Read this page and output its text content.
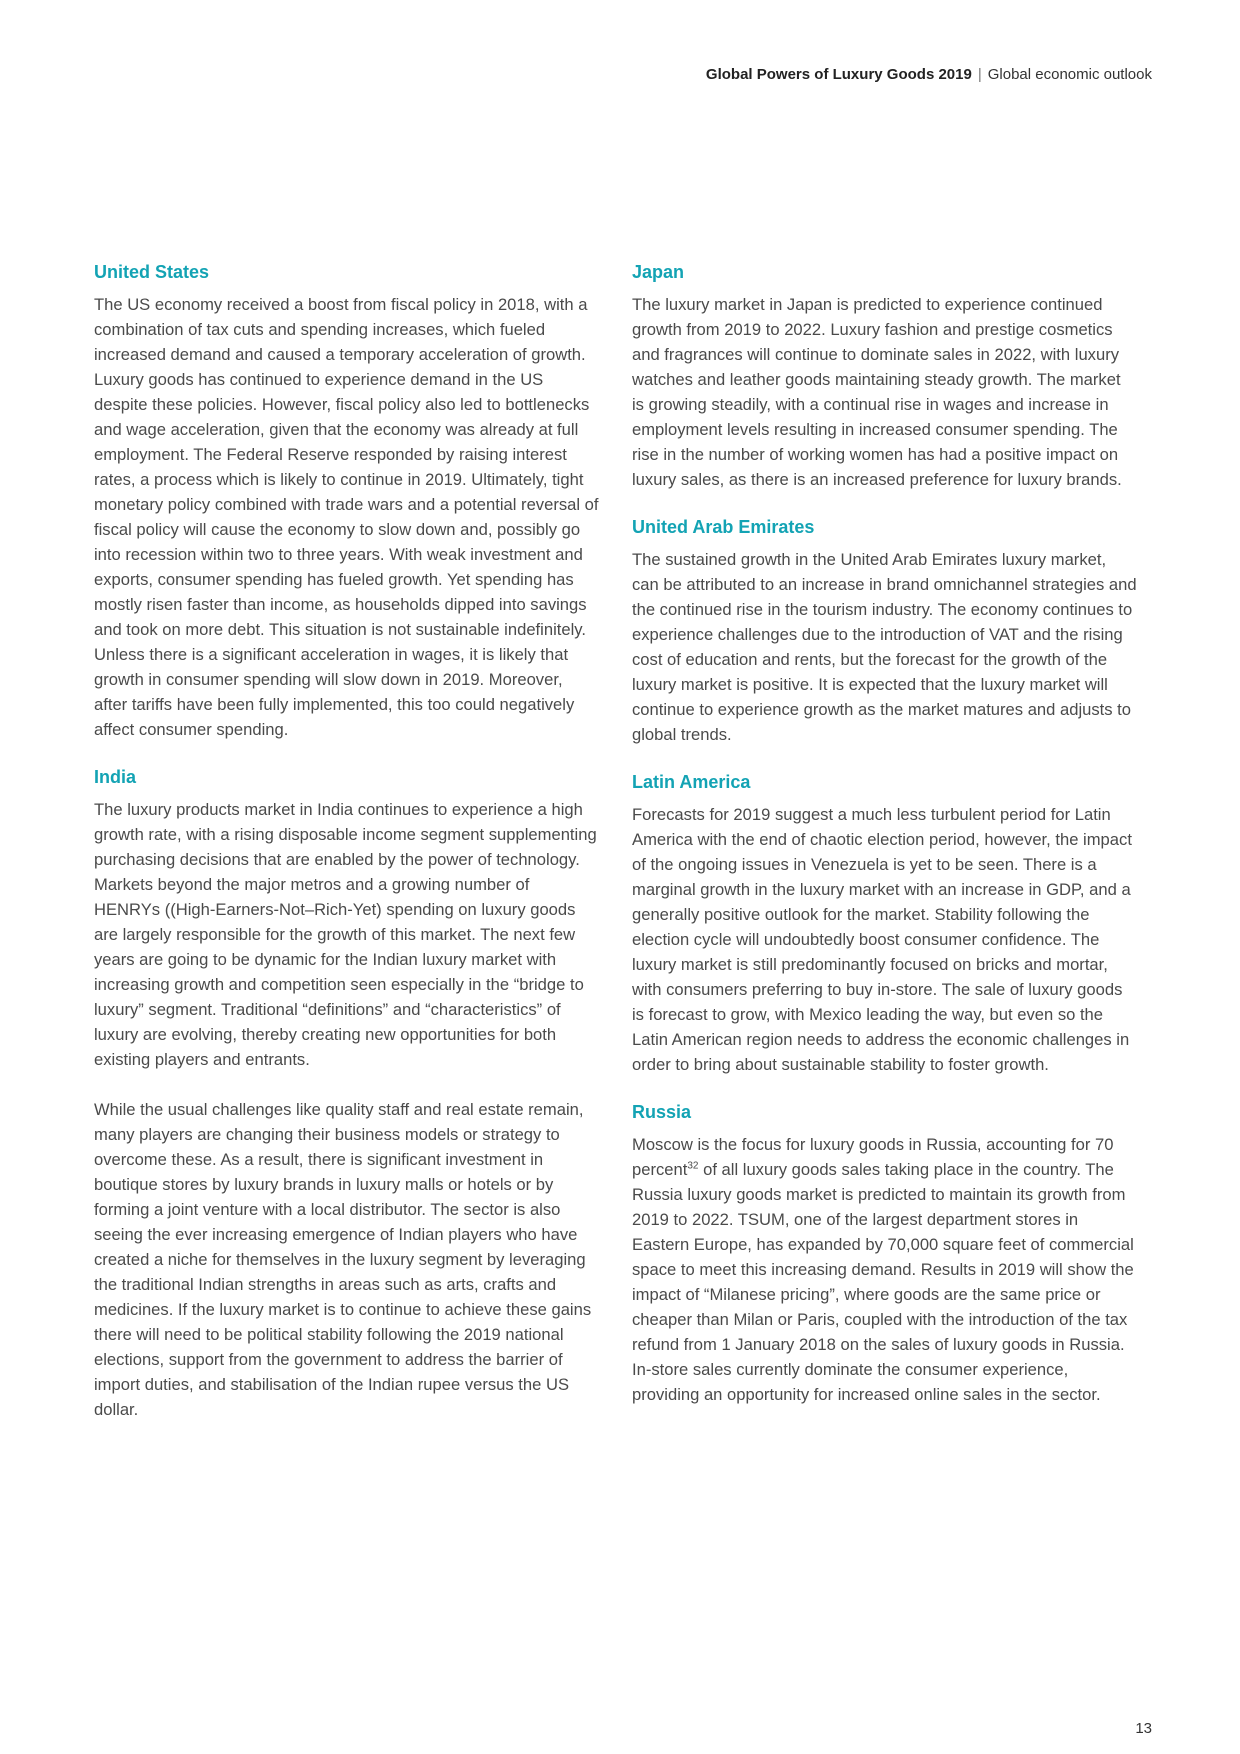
Global Powers of Luxury Goods 2019 | Global economic outlook
United States

The US economy received a boost from fiscal policy in 2018, with a combination of tax cuts and spending increases, which fueled increased demand and caused a temporary acceleration of growth. Luxury goods has continued to experience demand in the US despite these policies. However, fiscal policy also led to bottlenecks and wage acceleration, given that the economy was already at full employment. The Federal Reserve responded by raising interest rates, a process which is likely to continue in 2019. Ultimately, tight monetary policy combined with trade wars and a potential reversal of fiscal policy will cause the economy to slow down and, possibly go into recession within two to three years. With weak investment and exports, consumer spending has fueled growth. Yet spending has mostly risen faster than income, as households dipped into savings and took on more debt. This situation is not sustainable indefinitely. Unless there is a significant acceleration in wages, it is likely that growth in consumer spending will slow down in 2019. Moreover, after tariffs have been fully implemented, this too could negatively affect consumer spending.

India

The luxury products market in India continues to experience a high growth rate, with a rising disposable income segment supplementing purchasing decisions that are enabled by the power of technology. Markets beyond the major metros and a growing number of HENRYs ((High-Earners-Not–Rich-Yet) spending on luxury goods are largely responsible for the growth of this market. The next few years are going to be dynamic for the Indian luxury market with increasing growth and competition seen especially in the “bridge to luxury” segment. Traditional “definitions” and “characteristics” of luxury are evolving, thereby creating new opportunities for both existing players and entrants.

While the usual challenges like quality staff and real estate remain, many players are changing their business models or strategy to overcome these. As a result, there is significant investment in boutique stores by luxury brands in luxury malls or hotels or by forming a joint venture with a local distributor. The sector is also seeing the ever increasing emergence of Indian players who have created a niche for themselves in the luxury segment by leveraging the traditional Indian strengths in areas such as arts, crafts and medicines. If the luxury market is to continue to achieve these gains there will need to be political stability following the 2019 national elections, support from the government to address the barrier of import duties, and stabilisation of the Indian rupee versus the US dollar.

Japan

The luxury market in Japan is predicted to experience continued growth from 2019 to 2022. Luxury fashion and prestige cosmetics and fragrances will continue to dominate sales in 2022, with luxury watches and leather goods maintaining steady growth. The market is growing steadily, with a continual rise in wages and increase in employment levels resulting in increased consumer spending. The rise in the number of working women has had a positive impact on luxury sales, as there is an increased preference for luxury brands.

United Arab Emirates

The sustained growth in the United Arab Emirates luxury market, can be attributed to an increase in brand omnichannel strategies and the continued rise in the tourism industry. The economy continues to experience challenges due to the introduction of VAT and the rising cost of education and rents, but the forecast for the growth of the luxury market is positive. It is expected that the luxury market will continue to experience growth as the market matures and adjusts to global trends.

Latin America

Forecasts for 2019 suggest a much less turbulent period for Latin America with the end of chaotic election period, however, the impact of the ongoing issues in Venezuela is yet to be seen. There is a marginal growth in the luxury market with an increase in GDP, and a generally positive outlook for the market. Stability following the election cycle will undoubtedly boost consumer confidence. The luxury market is still predominantly focused on bricks and mortar, with consumers preferring to buy in-store. The sale of luxury goods is forecast to grow, with Mexico leading the way, but even so the Latin American region needs to address the economic challenges in order to bring about sustainable stability to foster growth.

Russia

Moscow is the focus for luxury goods in Russia, accounting for 70 percent$^{32}$ of all luxury goods sales taking place in the country. The Russia luxury goods market is predicted to maintain its growth from 2019 to 2022. TSUM, one of the largest department stores in Eastern Europe, has expanded by 70,000 square feet of commercial space to meet this increasing demand. Results in 2019 will show the impact of “Milanese pricing”, where goods are the same price or cheaper than Milan or Paris, coupled with the introduction of the tax refund from 1 January 2018 on the sales of luxury goods in Russia. In-store sales currently dominate the consumer experience, providing an opportunity for increased online sales in the sector.

13
